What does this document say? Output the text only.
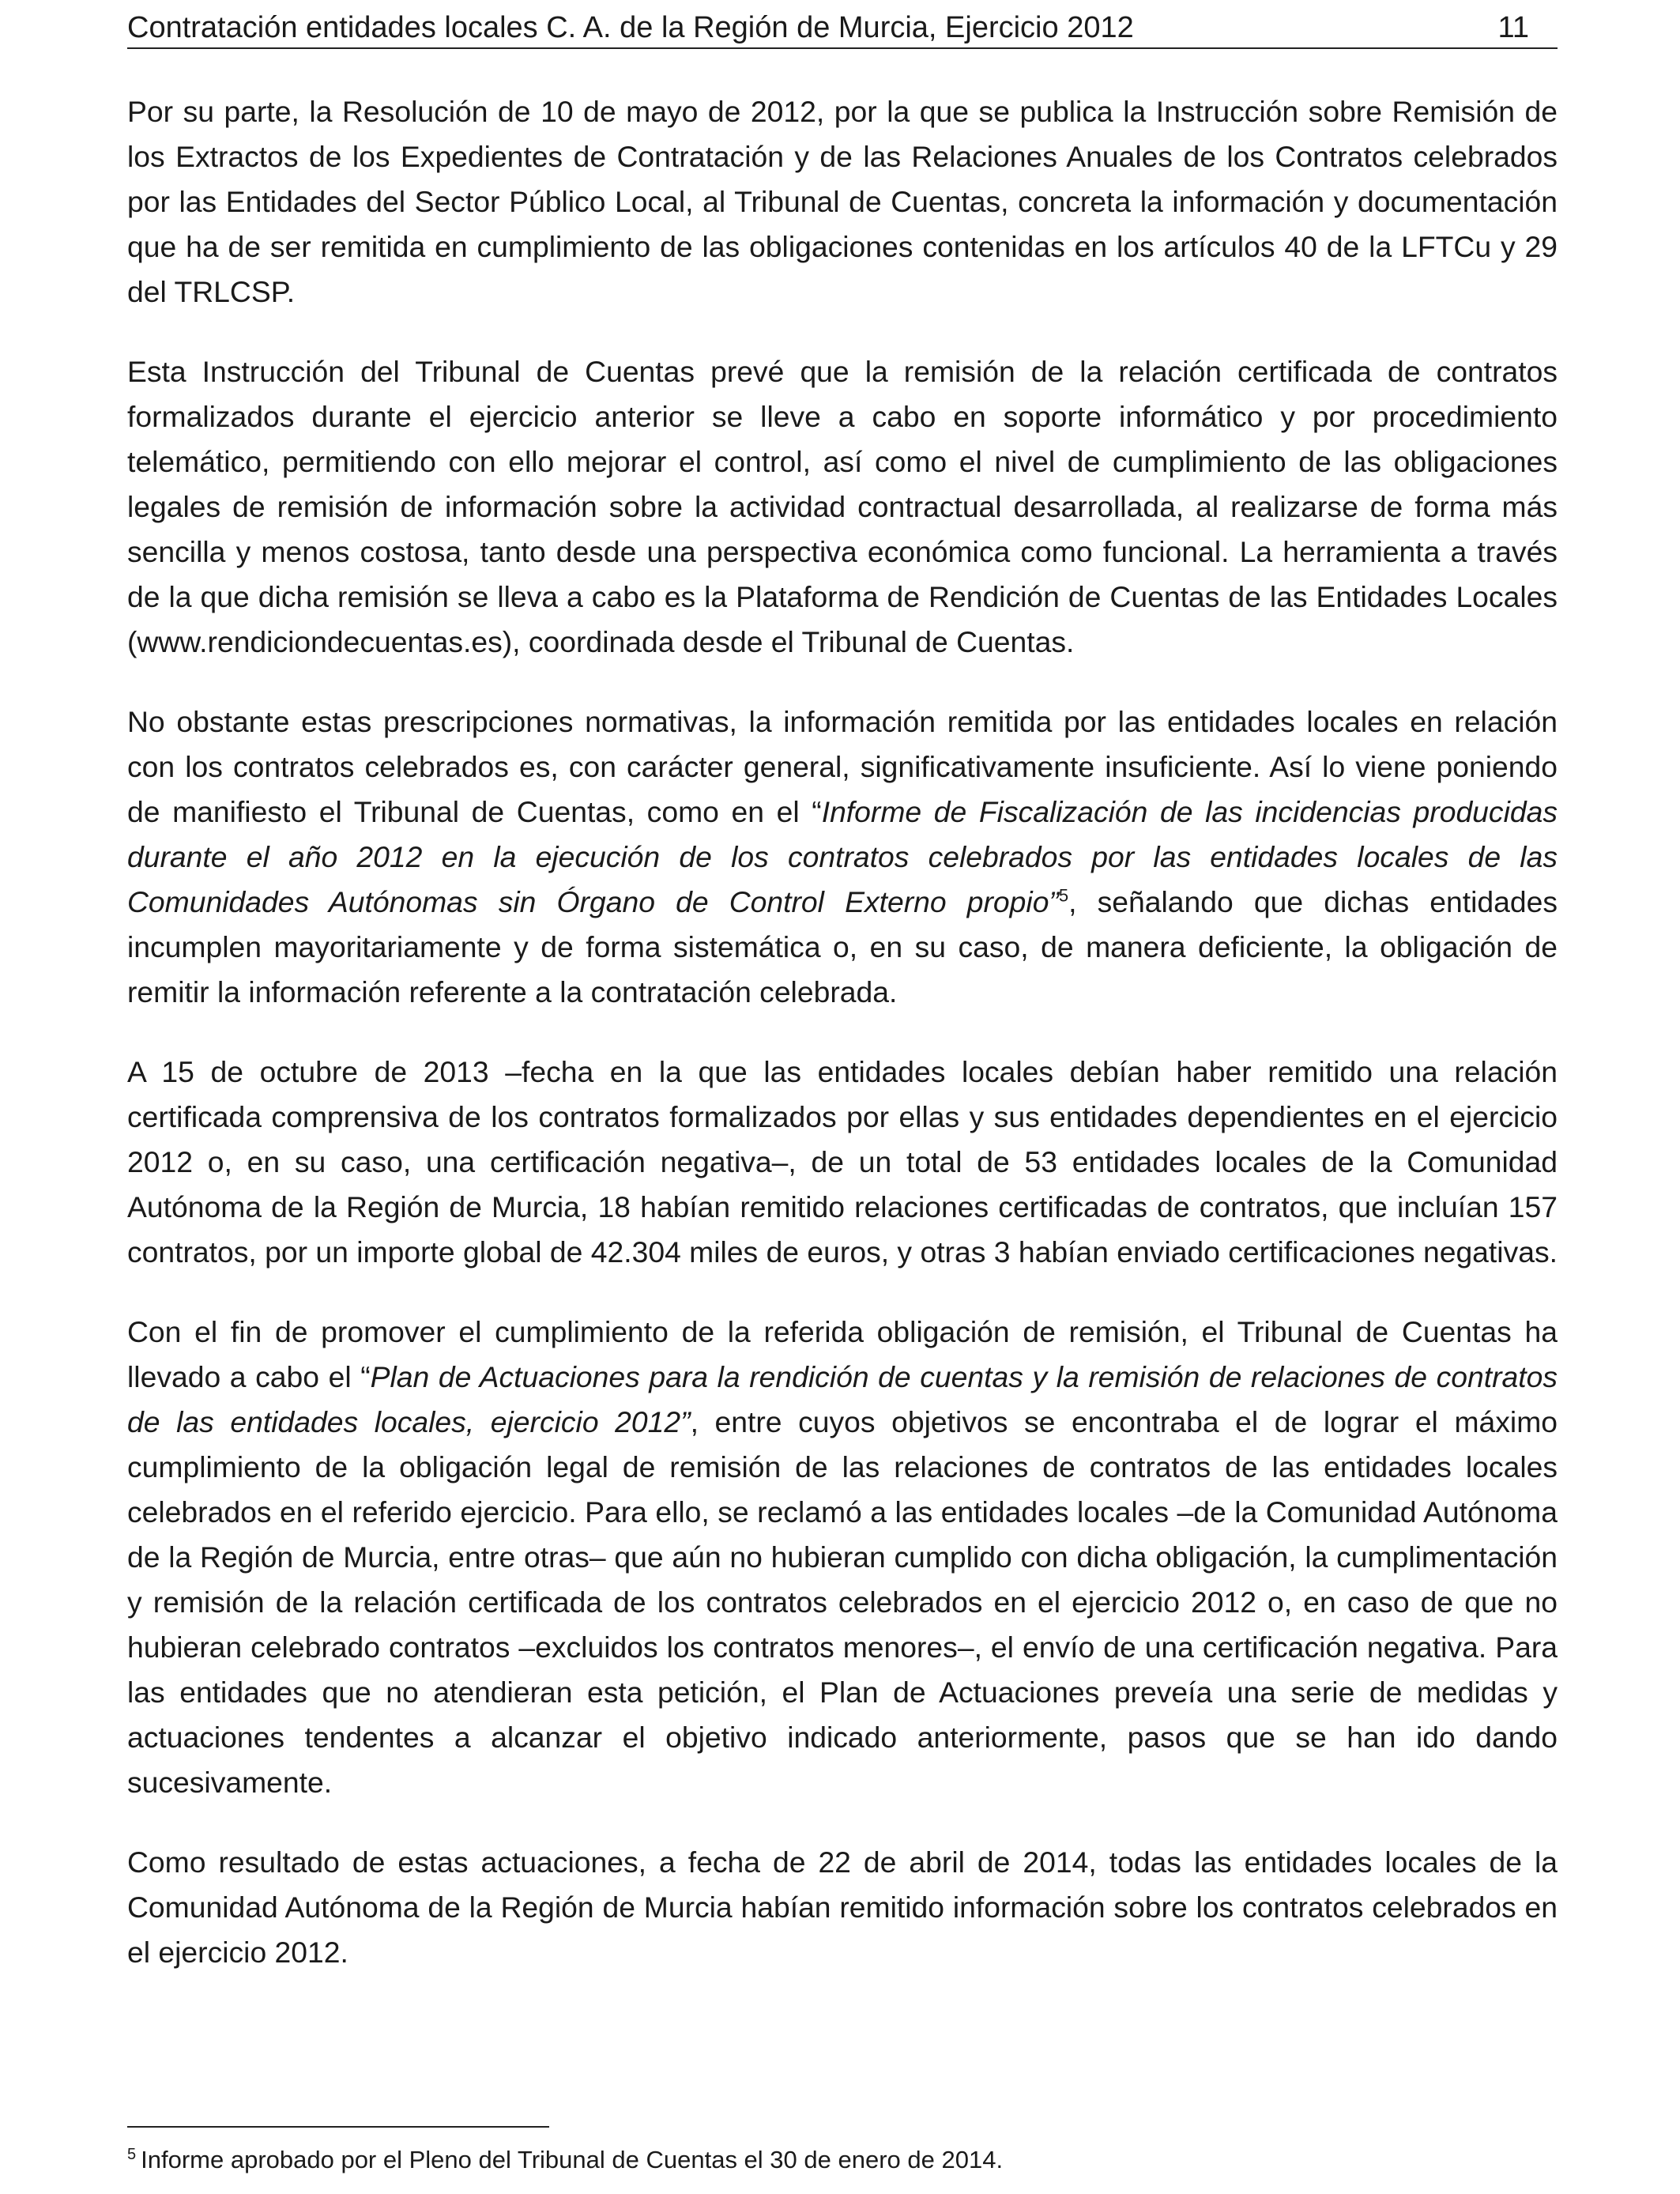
Contratación entidades locales C. A. de la Región de Murcia, Ejercicio 2012	11

Por su parte, la Resolución de 10 de mayo de 2012, por la que se publica la Instrucción sobre Remisión de los Extractos de los Expedientes de Contratación y de las Relaciones Anuales de los Contratos celebrados por las Entidades del Sector Público Local, al Tribunal de Cuentas, concreta la información y documentación que ha de ser remitida en cumplimiento de las obligaciones contenidas en los artículos 40 de la LFTCu y 29 del TRLCSP.

Esta Instrucción del Tribunal de Cuentas prevé que la remisión de la relación certificada de contratos formalizados durante el ejercicio anterior se lleve a cabo en soporte informático y por procedimiento telemático, permitiendo con ello mejorar el control, así como el nivel de cumplimiento de las obligaciones legales de remisión de información sobre la actividad contractual desarrollada, al realizarse de forma más sencilla y menos costosa, tanto desde una perspectiva económica como funcional. La herramienta a través de la que dicha remisión se lleva a cabo es la Plataforma de Rendición de Cuentas de las Entidades Locales (www.rendiciondecuentas.es), coordinada desde el Tribunal de Cuentas.

No obstante estas prescripciones normativas, la información remitida por las entidades locales en relación con los contratos celebrados es, con carácter general, significativamente insuficiente. Así lo viene poniendo de manifiesto el Tribunal de Cuentas, como en el “Informe de Fiscalización de las incidencias producidas durante el año 2012 en la ejecución de los contratos celebrados por las entidades locales de las Comunidades Autónomas sin Órgano de Control Externo propio”$^5$, señalando que dichas entidades incumplen mayoritariamente y de forma sistemática o, en su caso, de manera deficiente, la obligación de remitir la información referente a la contratación celebrada.

A 15 de octubre de 2013 –fecha en la que las entidades locales debían haber remitido una relación certificada comprensiva de los contratos formalizados por ellas y sus entidades dependientes en el ejercicio 2012 o, en su caso, una certificación negativa–, de un total de 53 entidades locales de la Comunidad Autónoma de la Región de Murcia, 18 habían remitido relaciones certificadas de contratos, que incluían 157 contratos, por un importe global de 42.304 miles de euros, y otras 3 habían enviado certificaciones negativas.

Con el fin de promover el cumplimiento de la referida obligación de remisión, el Tribunal de Cuentas ha llevado a cabo el “Plan de Actuaciones para la rendición de cuentas y la remisión de relaciones de contratos de las entidades locales, ejercicio 2012”, entre cuyos objetivos se encontraba el de lograr el máximo cumplimiento de la obligación legal de remisión de las relaciones de contratos de las entidades locales celebrados en el referido ejercicio. Para ello, se reclamó a las entidades locales –de la Comunidad Autónoma de la Región de Murcia, entre otras– que aún no hubieran cumplido con dicha obligación, la cumplimentación y remisión de la relación certificada de los contratos celebrados en el ejercicio 2012 o, en caso de que no hubieran celebrado contratos –excluidos los contratos menores–, el envío de una certificación negativa. Para las entidades que no atendieran esta petición, el Plan de Actuaciones preveía una serie de medidas y actuaciones tendentes a alcanzar el objetivo indicado anteriormente, pasos que se han ido dando sucesivamente.

Como resultado de estas actuaciones, a fecha de 22 de abril de 2014, todas las entidades locales de la Comunidad Autónoma de la Región de Murcia habían remitido información sobre los contratos celebrados en el ejercicio 2012.

$^5$ Informe aprobado por el Pleno del Tribunal de Cuentas el 30 de enero de 2014.
